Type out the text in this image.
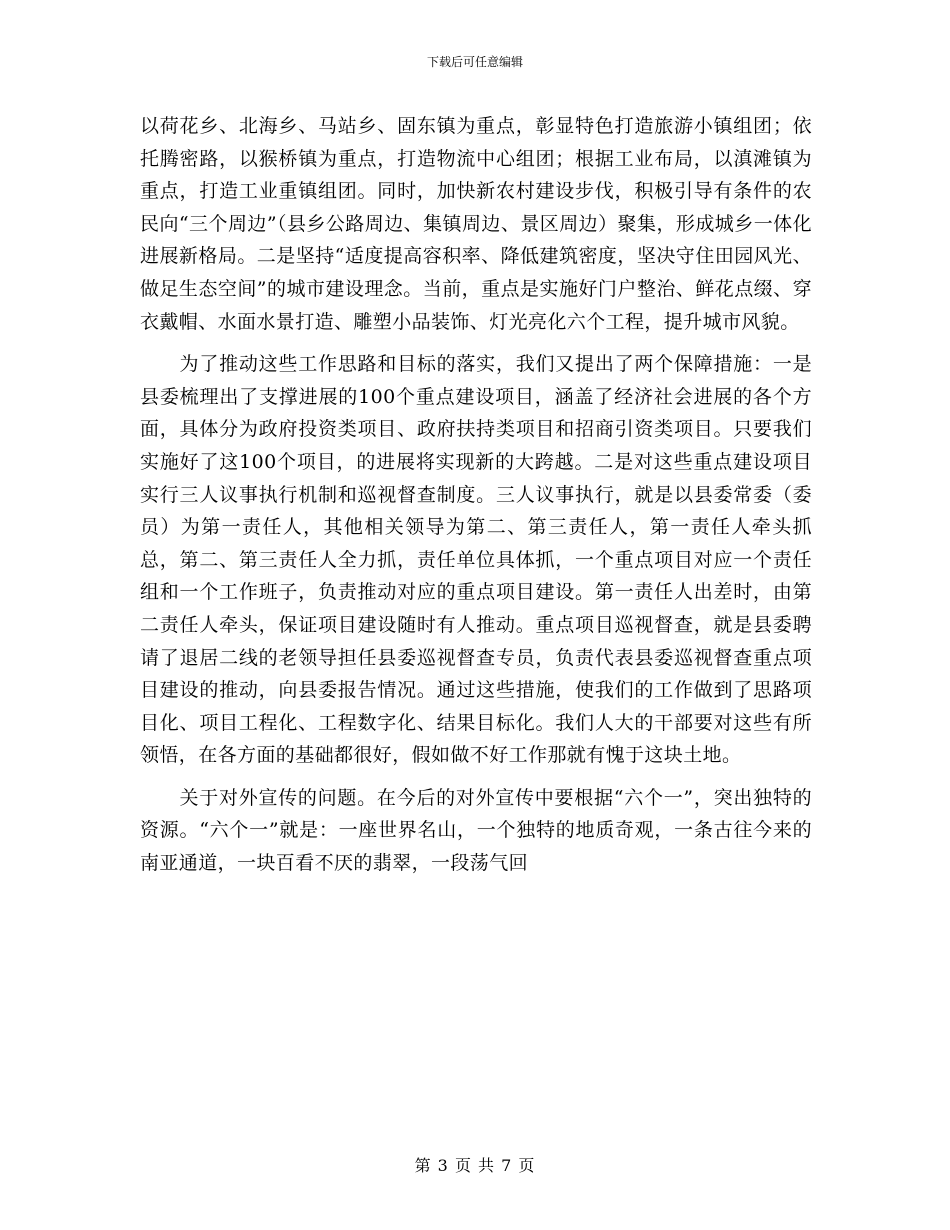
下载后可任意编辑

以荷花乡、北海乡、马站乡、固东镇为重点，彰显特色打造旅游小镇组团；依托腾密路，以猴桥镇为重点，打造物流中心组团；根据工业布局，以滇滩镇为重点，打造工业重镇组团。同时，加快新农村建设步伐，积极引导有条件的农民向“三个周边”（县乡公路周边、集镇周边、景区周边）聚集，形成城乡一体化进展新格局。二是坚持“适度提高容积率、降低建筑密度，坚决守住田园风光、做足生态空间”的城市建设理念。当前，重点是实施好门户整治、鲜花点缀、穿衣戴帽、水面水景打造、雕塑小品装饰、灯光亮化六个工程，提升城市风貌。

　　为了推动这些工作思路和目标的落实，我们又提出了两个保障措施：一是县委梳理出了支撑进展的100个重点建设项目，涵盖了经济社会进展的各个方面，具体分为政府投资类项目、政府扶持类项目和招商引资类项目。只要我们实施好了这100个项目，的进展将实现新的大跨越。二是对这些重点建设项目实行三人议事执行机制和巡视督查制度。三人议事执行，就是以县委常委（委员）为第一责任人，其他相关领导为第二、第三责任人，第一责任人牵头抓总，第二、第三责任人全力抓，责任单位具体抓，一个重点项目对应一个责任组和一个工作班子，负责推动对应的重点项目建设。第一责任人出差时，由第二责任人牵头，保证项目建设随时有人推动。重点项目巡视督查，就是县委聘请了退居二线的老领导担任县委巡视督查专员，负责代表县委巡视督查重点项目建设的推动，向县委报告情况。通过这些措施，使我们的工作做到了思路项目化、项目工程化、工程数字化、结果目标化。我们人大的干部要对这些有所领悟，在各方面的基础都很好，假如做不好工作那就有愧于这块土地。

　　关于对外宣传的问题。在今后的对外宣传中要根据“六个一”，突出独特的资源。“六个一”就是：一座世界名山，一个独特的地质奇观，一条古往今来的南亚通道，一块百看不厌的翡翠，一段荡气回

第 3 页 共 7 页
